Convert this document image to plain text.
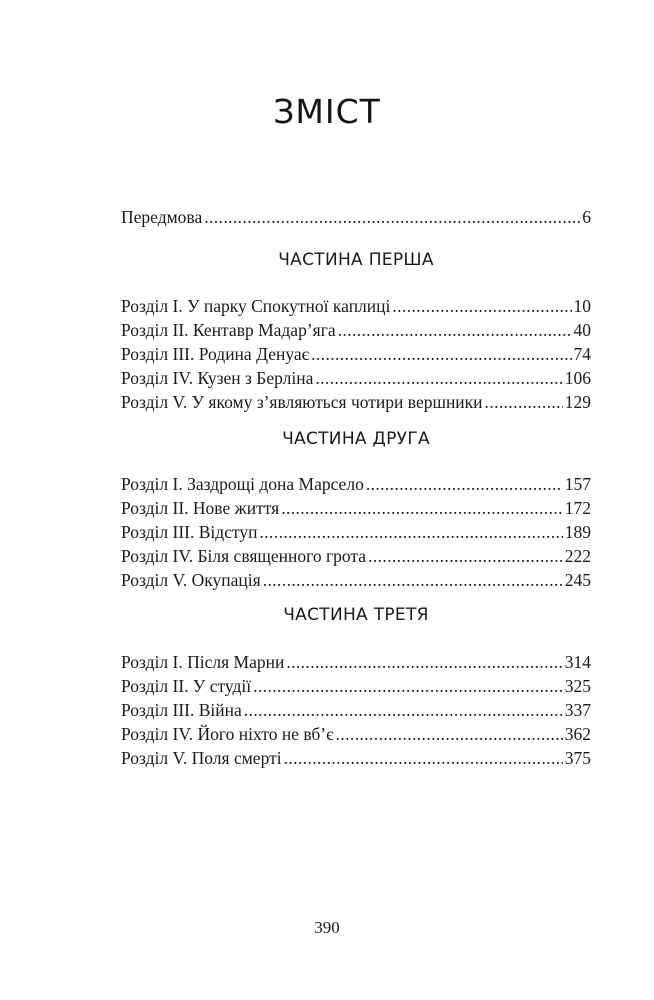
ЗМІСТ
Передмова .....	6
ЧАСТИНА ПЕРША
Розділ I. У парку Спокутної каплиці .....	10
Розділ II. Кентавр Мадар’яга .....	40
Розділ III. Родина Денуає .....	74
Розділ IV. Кузен з Берліна .....	106
Розділ V. У якому з’являються чотири вершники .....	129
ЧАСТИНА ДРУГА
Розділ I. Заздрощі дона Марсело .....	157
Розділ II. Нове життя .....	172
Розділ III. Відступ .....	189
Розділ IV. Біля священного грота .....	222
Розділ V. Окупація .....	245
ЧАСТИНА ТРЕТЯ
Розділ I. Після Марни .....	314
Розділ II. У студії .....	325
Розділ III. Війна .....	337
Розділ IV. Його ніхто не вб’є .....	362
Розділ V. Поля смерті .....	375
390
